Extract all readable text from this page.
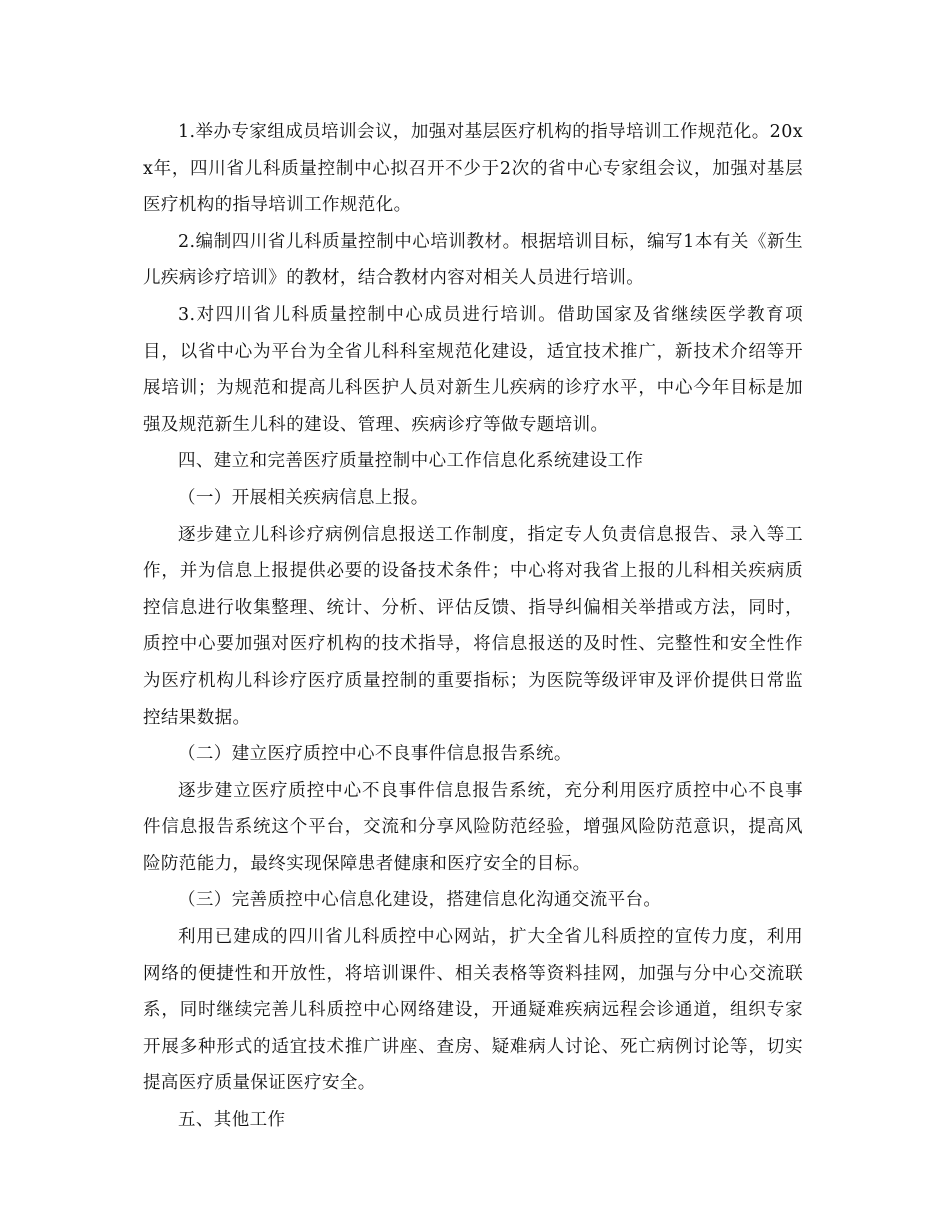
1.举办专家组成员培训会议，加强对基层医疗机构的指导培训工作规范化。20xx年，四川省儿科质量控制中心拟召开不少于2次的省中心专家组会议，加强对基层医疗机构的指导培训工作规范化。

2.编制四川省儿科质量控制中心培训教材。根据培训目标，编写1本有关《新生儿疾病诊疗培训》的教材，结合教材内容对相关人员进行培训。

3.对四川省儿科质量控制中心成员进行培训。借助国家及省继续医学教育项目，以省中心为平台为全省儿科科室规范化建设，适宜技术推广，新技术介绍等开展培训；为规范和提高儿科医护人员对新生儿疾病的诊疗水平，中心今年目标是加强及规范新生儿科的建设、管理、疾病诊疗等做专题培训。

四、建立和完善医疗质量控制中心工作信息化系统建设工作

（一）开展相关疾病信息上报。

逐步建立儿科诊疗病例信息报送工作制度，指定专人负责信息报告、录入等工作，并为信息上报提供必要的设备技术条件；中心将对我省上报的儿科相关疾病质控信息进行收集整理、统计、分析、评估反馈、指导纠偏相关举措或方法，同时，质控中心要加强对医疗机构的技术指导，将信息报送的及时性、完整性和安全性作为医疗机构儿科诊疗医疗质量控制的重要指标；为医院等级评审及评价提供日常监控结果数据。

（二）建立医疗质控中心不良事件信息报告系统。

逐步建立医疗质控中心不良事件信息报告系统，充分利用医疗质控中心不良事件信息报告系统这个平台，交流和分享风险防范经验，增强风险防范意识，提高风险防范能力，最终实现保障患者健康和医疗安全的目标。

（三）完善质控中心信息化建设，搭建信息化沟通交流平台。

利用已建成的四川省儿科质控中心网站，扩大全省儿科质控的宣传力度，利用网络的便捷性和开放性，将培训课件、相关表格等资料挂网，加强与分中心交流联系，同时继续完善儿科质控中心网络建设，开通疑难疾病远程会诊通道，组织专家开展多种形式的适宜技术推广讲座、查房、疑难病人讨论、死亡病例讨论等，切实提高医疗质量保证医疗安全。

五、其他工作
